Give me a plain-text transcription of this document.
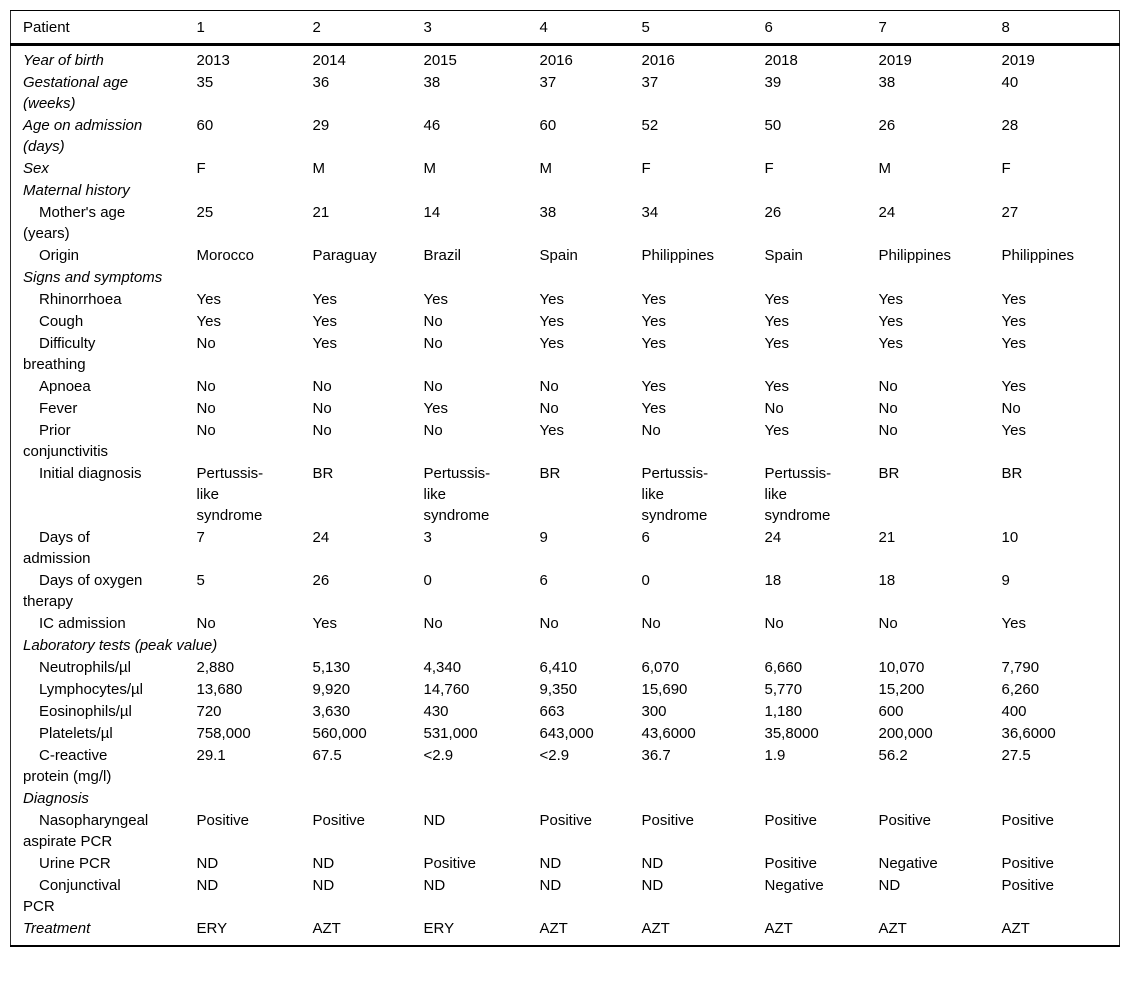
Patient	1	2	3	4	5	6	7	8
Year of birth	2013	2014	2015	2016	2016	2018	2019	2019
Gestational age (weeks)	35	36	38	37	37	39	38	40
Age on admission (days)	60	29	46	60	52	50	26	28
Sex	F	M	M	M	F	F	M	F
Maternal history								
Mother's age (years)	25	21	14	38	34	26	24	27
Origin	Morocco	Paraguay	Brazil	Spain	Philippines	Spain	Philippines	Philippines
Signs and symptoms								
Rhinorrhoea	Yes	Yes	Yes	Yes	Yes	Yes	Yes	Yes
Cough	Yes	Yes	No	Yes	Yes	Yes	Yes	Yes
Difficulty breathing	No	Yes	No	Yes	Yes	Yes	Yes	Yes
Apnoea	No	No	No	No	Yes	Yes	No	Yes
Fever	No	No	Yes	No	Yes	No	No	No
Prior conjunctivitis	No	No	No	Yes	No	Yes	No	Yes
Initial diagnosis	Pertussis-like syndrome	BR	Pertussis-like syndrome	BR	Pertussis-like syndrome	Pertussis-like syndrome	BR	BR
Days of admission	7	24	3	9	6	24	21	10
Days of oxygen therapy	5	26	0	6	0	18	18	9
IC admission	No	Yes	No	No	No	No	No	Yes
Laboratory tests (peak value)								
Neutrophils/µl	2,880	5,130	4,340	6,410	6,070	6,660	10,070	7,790
Lymphocytes/µl	13,680	9,920	14,760	9,350	15,690	5,770	15,200	6,260
Eosinophils/µl	720	3,630	430	663	300	1,180	600	400
Platelets/µl	758,000	560,000	531,000	643,000	43,6000	35,8000	200,000	36,6000
C-reactive protein (mg/l)	29.1	67.5	<2.9	<2.9	36.7	1.9	56.2	27.5
Diagnosis								
Nasopharyngeal aspirate PCR	Positive	Positive	ND	Positive	Positive	Positive	Positive	Positive
Urine PCR	ND	ND	Positive	ND	ND	Positive	Negative	Positive
Conjunctival PCR	ND	ND	ND	ND	ND	Negative	ND	Positive
Treatment	ERY	AZT	ERY	AZT	AZT	AZT	AZT	AZT
